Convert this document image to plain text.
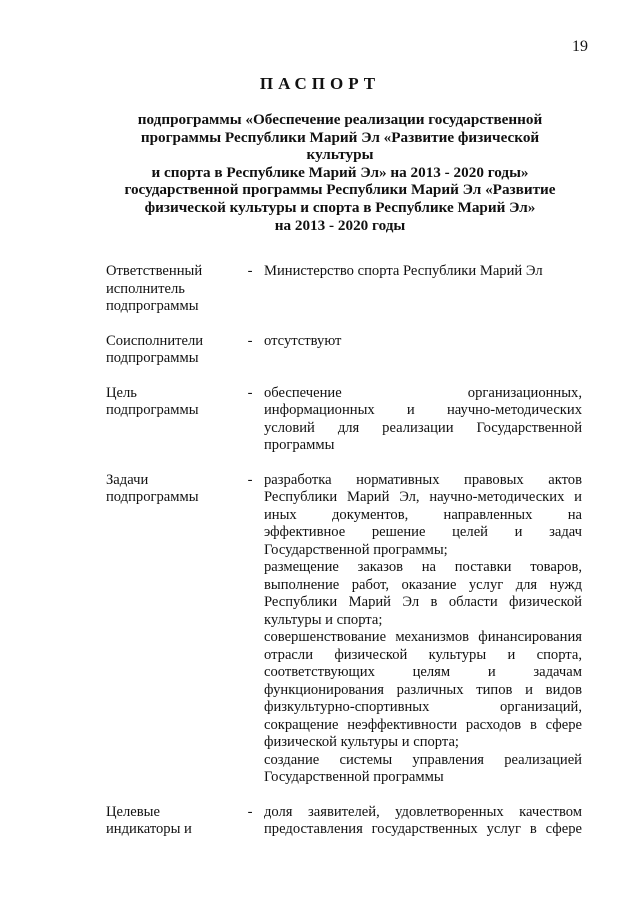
19
ПАСПОРТ
подпрограммы «Обеспечение реализации государственной
программы Республики Марий Эл «Развитие физической культуры
и спорта в Республике Марий Эл» на 2013 - 2020 годы»
государственной программы Республики Марий Эл «Развитие
физической культуры и спорта в Республике Марий Эл»
на 2013 - 2020 годы
Ответственный
исполнитель
подпрограммы
- Министерство спорта Республики Марий Эл
Соисполнители
подпрограммы
- отсутствуют
Цель
подпрограммы
- обеспечение организационных,
информационных и научно-методических
условий для реализации Государственной
программы
Задачи
подпрограммы
- разработка нормативных правовых актов
Республики Марий Эл, научно-методических и
иных документов, направленных на
эффективное решение целей и задач
Государственной программы;
размещение заказов на поставки товаров,
выполнение работ, оказание услуг для нужд
Республики Марий Эл в области физической
культуры и спорта;
совершенствование механизмов финансирования
отрасли физической культуры и спорта,
соответствующих целям и задачам
функционирования различных типов и видов
физкультурно-спортивных организаций,
сокращение неэффективности расходов в сфере
физической культуры и спорта;
создание системы управления реализацией
Государственной программы
Целевые
индикаторы и
- доля заявителей, удовлетворенных качеством
предоставления государственных услуг в сфере
